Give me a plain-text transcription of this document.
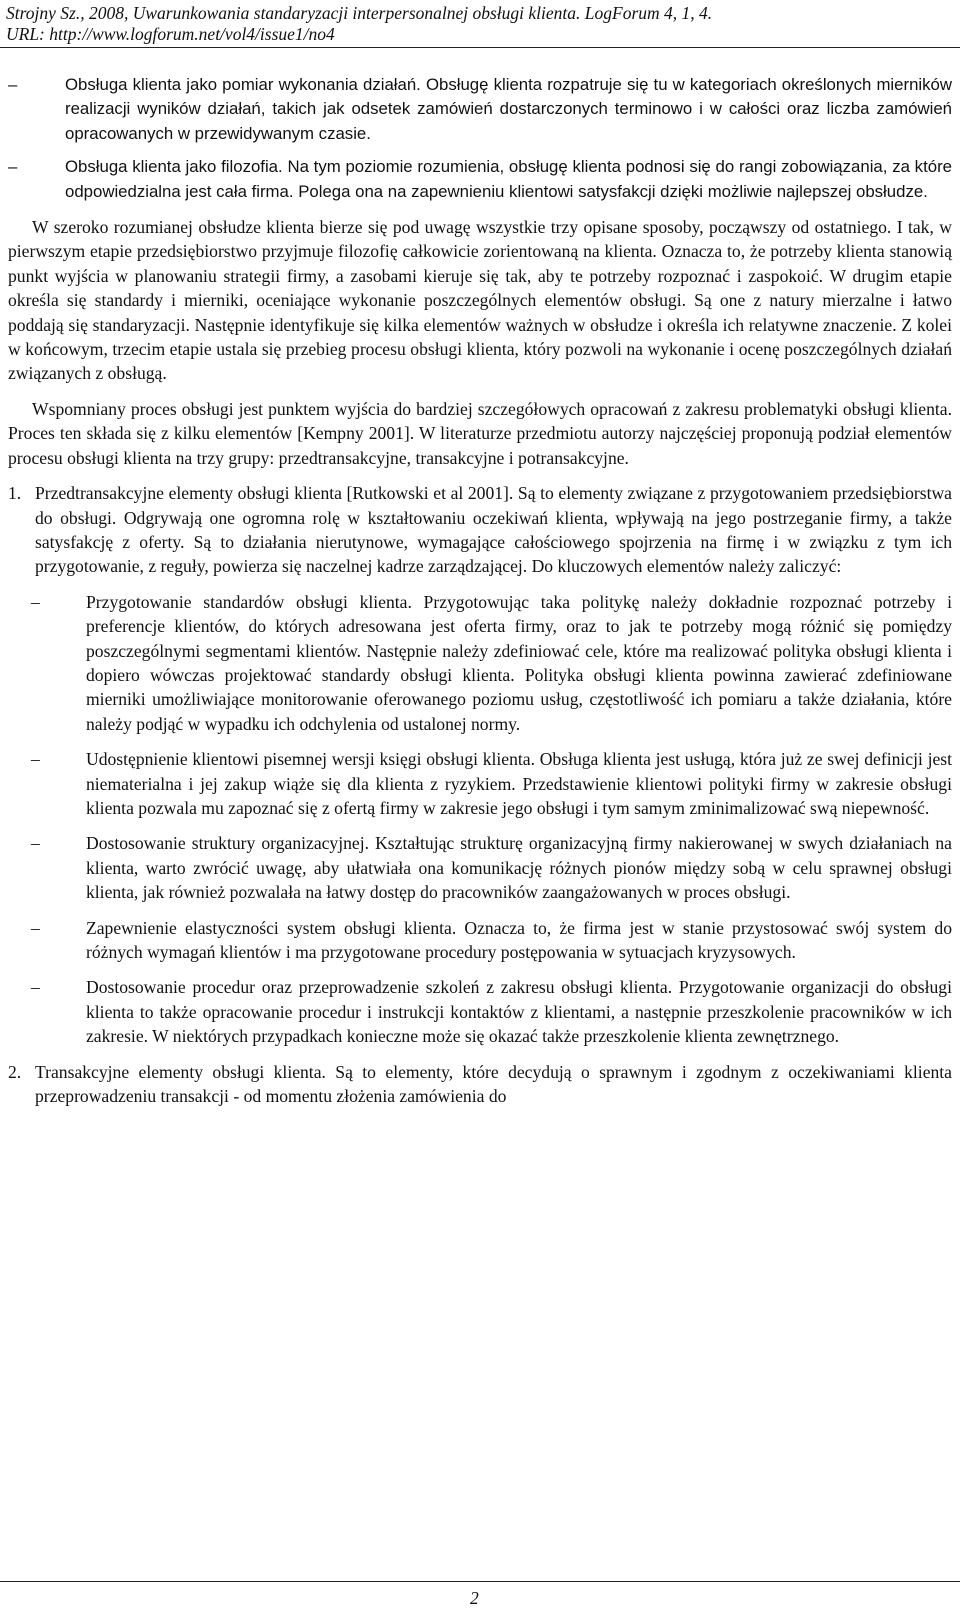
Strojny Sz., 2008, Uwarunkowania standaryzacji interpersonalnej obsługi klienta. LogForum 4, 1, 4.
URL: http://www.logforum.net/vol4/issue1/no4
–	Obsługa klienta jako pomiar wykonania działań. Obsługę klienta rozpatruje się tu w kategoriach określonych mierników realizacji wyników działań, takich jak odsetek zamówień dostarczonych terminowo i w całości oraz liczba zamówień opracowanych w przewidywanym czasie.

–	Obsługa klienta jako filozofia. Na tym poziomie rozumienia, obsługę klienta podnosi się do rangi zobowiązania, za które odpowiedzialna jest cała firma. Polega ona na zapewnieniu klientowi satysfakcji dzięki możliwie najlepszej obsłudze.

W szeroko rozumianej obsłudze klienta bierze się pod uwagę wszystkie trzy opisane sposoby, począwszy od ostatniego. I tak, w pierwszym etapie przedsiębiorstwo przyjmuje filozofię całkowicie zorientowaną na klienta. Oznacza to, że potrzeby klienta stanowią punkt wyjścia w planowaniu strategii firmy, a zasobami kieruje się tak, aby te potrzeby rozpoznać i zaspokoić. W drugim etapie określa się standardy i mierniki, oceniające wykonanie poszczególnych elementów obsługi. Są one z natury mierzalne i łatwo poddają się standaryzacji. Następnie identyfikuje się kilka elementów ważnych w obsłudze i określa ich relatywne znaczenie. Z kolei w końcowym, trzecim etapie ustala się przebieg procesu obsługi klienta, który pozwoli na wykonanie i ocenę poszczególnych działań związanych z obsługą.

Wspomniany proces obsługi jest punktem wyjścia do bardziej szczegółowych opracowań z zakresu problematyki obsługi klienta. Proces ten składa się z kilku elementów [Kempny 2001]. W literaturze przedmiotu autorzy najczęściej proponują podział elementów procesu obsługi klienta na trzy grupy: przedtransakcyjne, transakcyjne i potransakcyjne.

1. Przedtransakcyjne elementy obsługi klienta [Rutkowski et al 2001]. Są to elementy związane z przygotowaniem przedsiębiorstwa do obsługi. Odgrywają one ogromna rolę w kształtowaniu oczekiwań klienta, wpływają na jego postrzeganie firmy, a także satysfakcję z oferty. Są to działania nierutynowe, wymagające całościowego spojrzenia na firmę i w związku z tym ich przygotowanie, z reguły, powierza się naczelnej kadrze zarządzającej. Do kluczowych elementów należy zaliczyć:

–	Przygotowanie standardów obsługi klienta. Przygotowując taka politykę należy dokładnie rozpoznać potrzeby i preferencje klientów, do których adresowana jest oferta firmy, oraz to jak te potrzeby mogą różnić się pomiędzy poszczególnymi segmentami klientów. Następnie należy zdefiniować cele, które ma realizować polityka obsługi klienta i dopiero wówczas projektować standardy obsługi klienta. Polityka obsługi klienta powinna zawierać zdefiniowane mierniki umożliwiające monitorowanie oferowanego poziomu usług, częstotliwość ich pomiaru a także działania, które należy podjąć w wypadku ich odchylenia od ustalonej normy.

–	Udostępnienie klientowi pisemnej wersji księgi obsługi klienta. Obsługa klienta jest usługą, która już ze swej definicji jest niematerialna i jej zakup wiąże się dla klienta z ryzykiem. Przedstawienie klientowi polityki firmy w zakresie obsługi klienta pozwala mu zapoznać się z ofertą firmy w zakresie jego obsługi i tym samym zminimalizować swą niepewność.

–	Dostosowanie struktury organizacyjnej. Kształtując strukturę organizacyjną firmy nakierowanej w swych działaniach na klienta, warto zwrócić uwagę, aby ułatwiała ona komunikację różnych pionów między sobą w celu sprawnej obsługi klienta, jak również pozwalała na łatwy dostęp do pracowników zaangażowanych w proces obsługi.

–	Zapewnienie elastyczności system obsługi klienta. Oznacza to, że firma jest w stanie przystosować swój system do różnych wymagań klientów i ma przygotowane procedury postępowania w sytuacjach kryzysowych.

–	Dostosowanie procedur oraz przeprowadzenie szkoleń z zakresu obsługi klienta. Przygotowanie organizacji do obsługi klienta to także opracowanie procedur i instrukcji kontaktów z klientami, a następnie przeszkolenie pracowników w ich zakresie. W niektórych przypadkach konieczne może się okazać także przeszkolenie klienta zewnętrznego.

2. Transakcyjne elementy obsługi klienta. Są to elementy, które decydują o sprawnym i zgodnym z oczekiwaniami klienta przeprowadzeniu transakcji - od momentu złożenia zamówienia do

2
